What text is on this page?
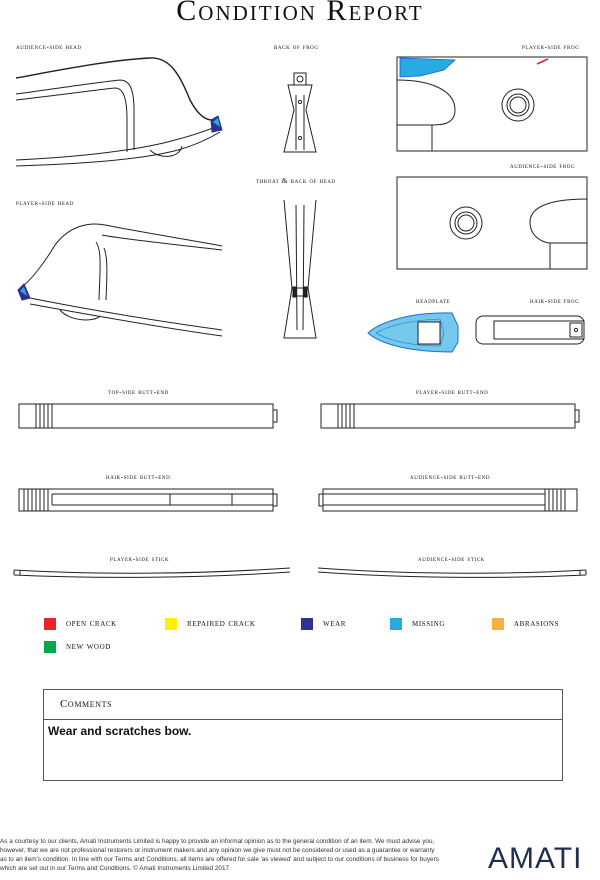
Condition Report
audience-side head	back of frog	player-side frog
audience-side frog
throat & back of head
player-side head
headplate	hair-side frog
top-side butt-end	player-side butt-end
hair-side butt-end	audience-side butt-end
player-side stick	audience-side stick
open crack	repaired crack	wear	missing	abrasions
new wood
Comments
Wear and scratches bow.
As a courtesy to our clients, Amati Instruments Limited is happy to provide an informal opinion as to the general condition of an item. We must advise you, however, that we are not professional restorers or instrument makers and any opinion we give must not be considered or used as a guarantee or warranty as to an item's condition. In line with our Terms and Conditions, all items are offered for sale 'as viewed' and subject to our conditions of business for buyers which are set out in our Terms and Conditions. © Amati Instruments Limited 2017	AMATI
